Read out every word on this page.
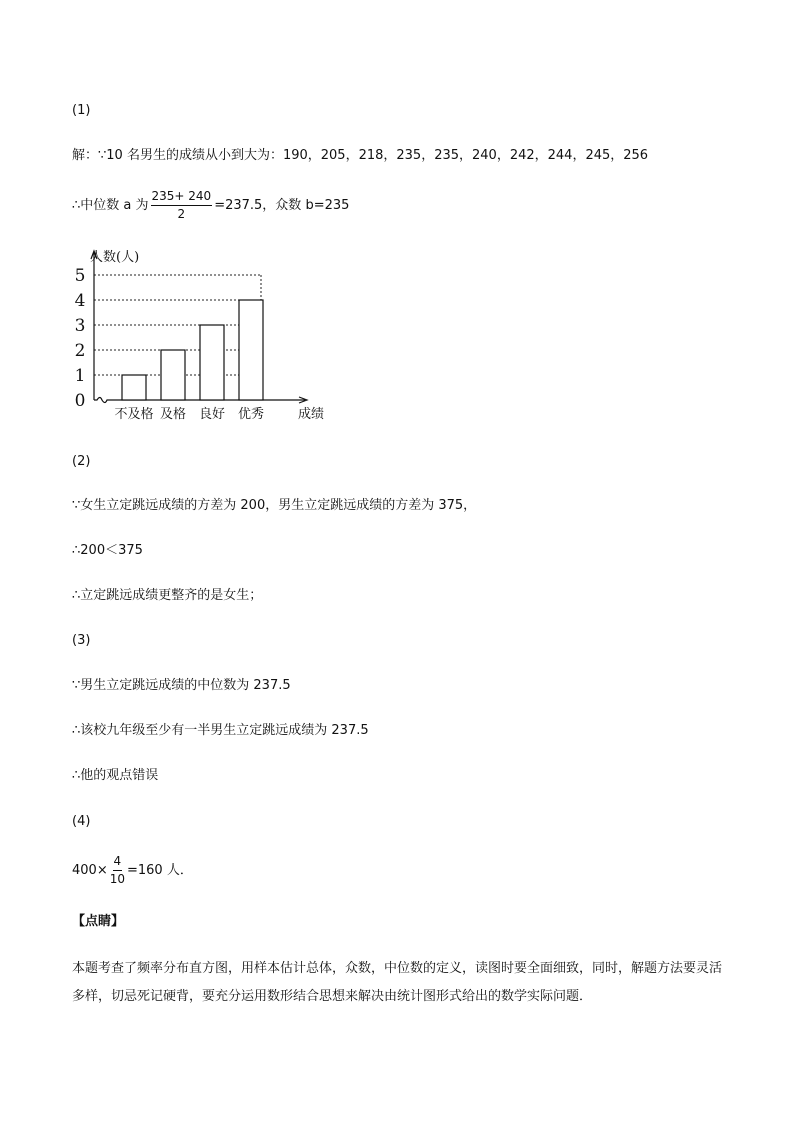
(1)
解：∵10 名男生的成绩从小到大为：190，205，218，235，235，240，242，244，245，256
∴中位数 a 为 $\frac{235+ 240}{2} =237.5$，众数 b=235
0
1
2
3
4
5
人数(人)
成绩
不及格 及格 良好 优秀
(2)
∵女生立定跳远成绩的方差为 200，男生立定跳远成绩的方差为 375，
∴200＜375
∴立定跳远成绩更整齐的是女生；
(3)
∵男生立定跳远成绩的中位数为 237.5
∴该校九年级至少有一半男生立定跳远成绩为 237.5
∴他的观点错误
(4)
$400\times \frac{4}{10} =160$ 人．
【点睛】
本题考查了频率分布直方图，用样本估计总体，众数，中位数的定义，读图时要全面细致，同时，解题方法要灵活多样，切忌死记硬背，要充分运用数形结合思想来解决由统计图形式给出的数学实际问题．
